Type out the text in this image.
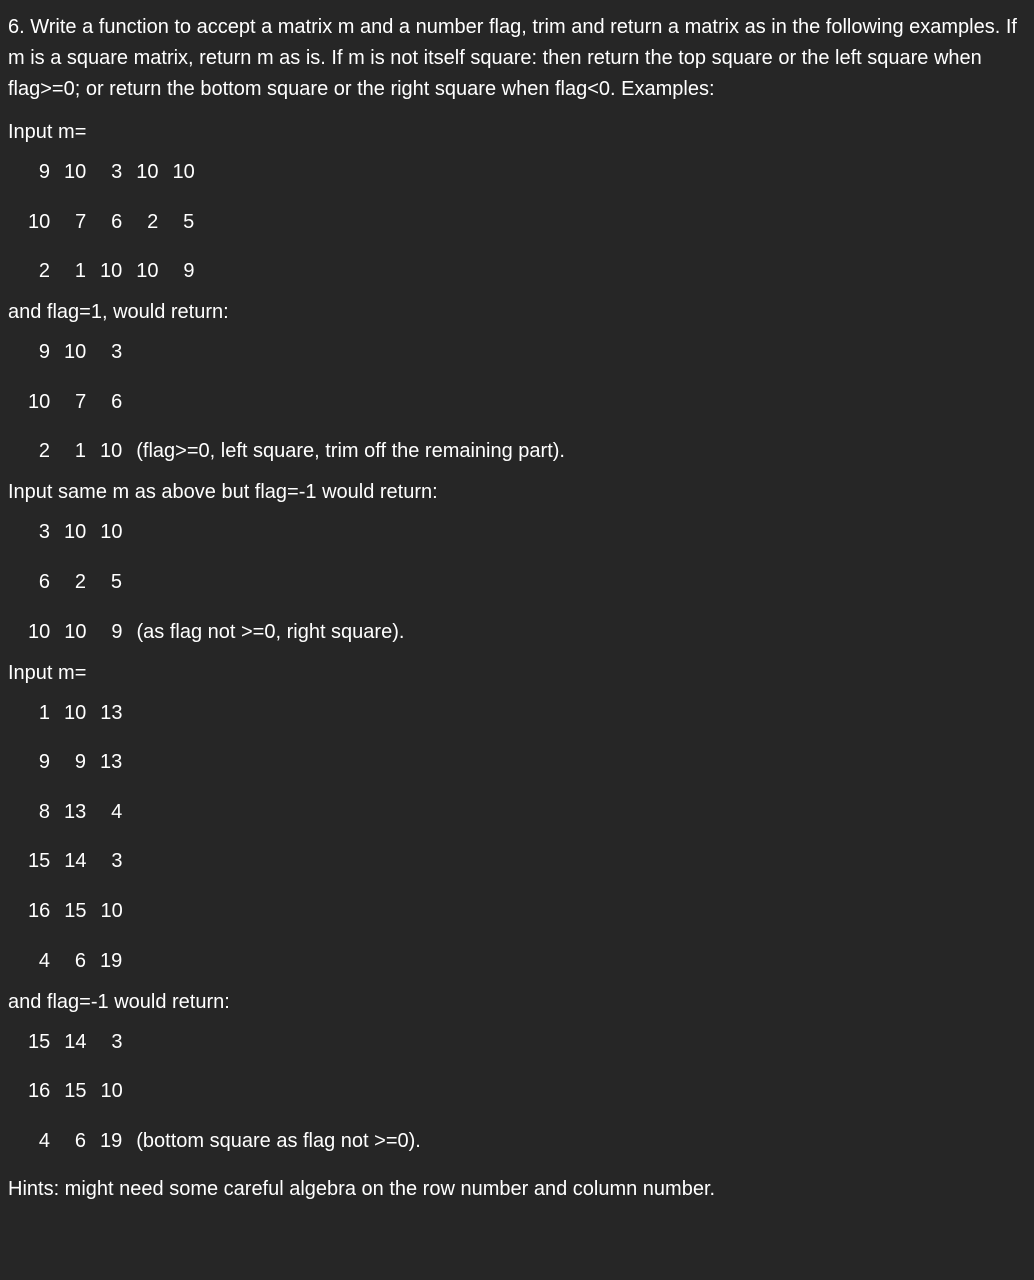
6. Write a function to accept a matrix m and a number flag, trim and return a matrix as in the following examples. If m is a square matrix, return m as is. If m is not itself square: then return the top square or the left square when flag>=0; or return the bottom square or the right square when flag<0. Examples:

Input m=

9 10	3 10 10
10	7	6	2	5
2	1 10 10	9

and flag=1, would return:

9 10	3
10	7	6
2	1 10 (flag>=0, left square, trim off the remaining part).

Input same m as above but flag=-1 would return:

3 10 10
6	2	5
10 10	9 (as flag not >=0, right square).

Input m=

1 10 13
9	9 13
8 13	4
15 14	3
16 15 10
4	6 19

and flag=-1 would return:

15 14	3
16 15 10
4	6 19 (bottom square as flag not >=0).

Hints: might need some careful algebra on the row number and column number.
